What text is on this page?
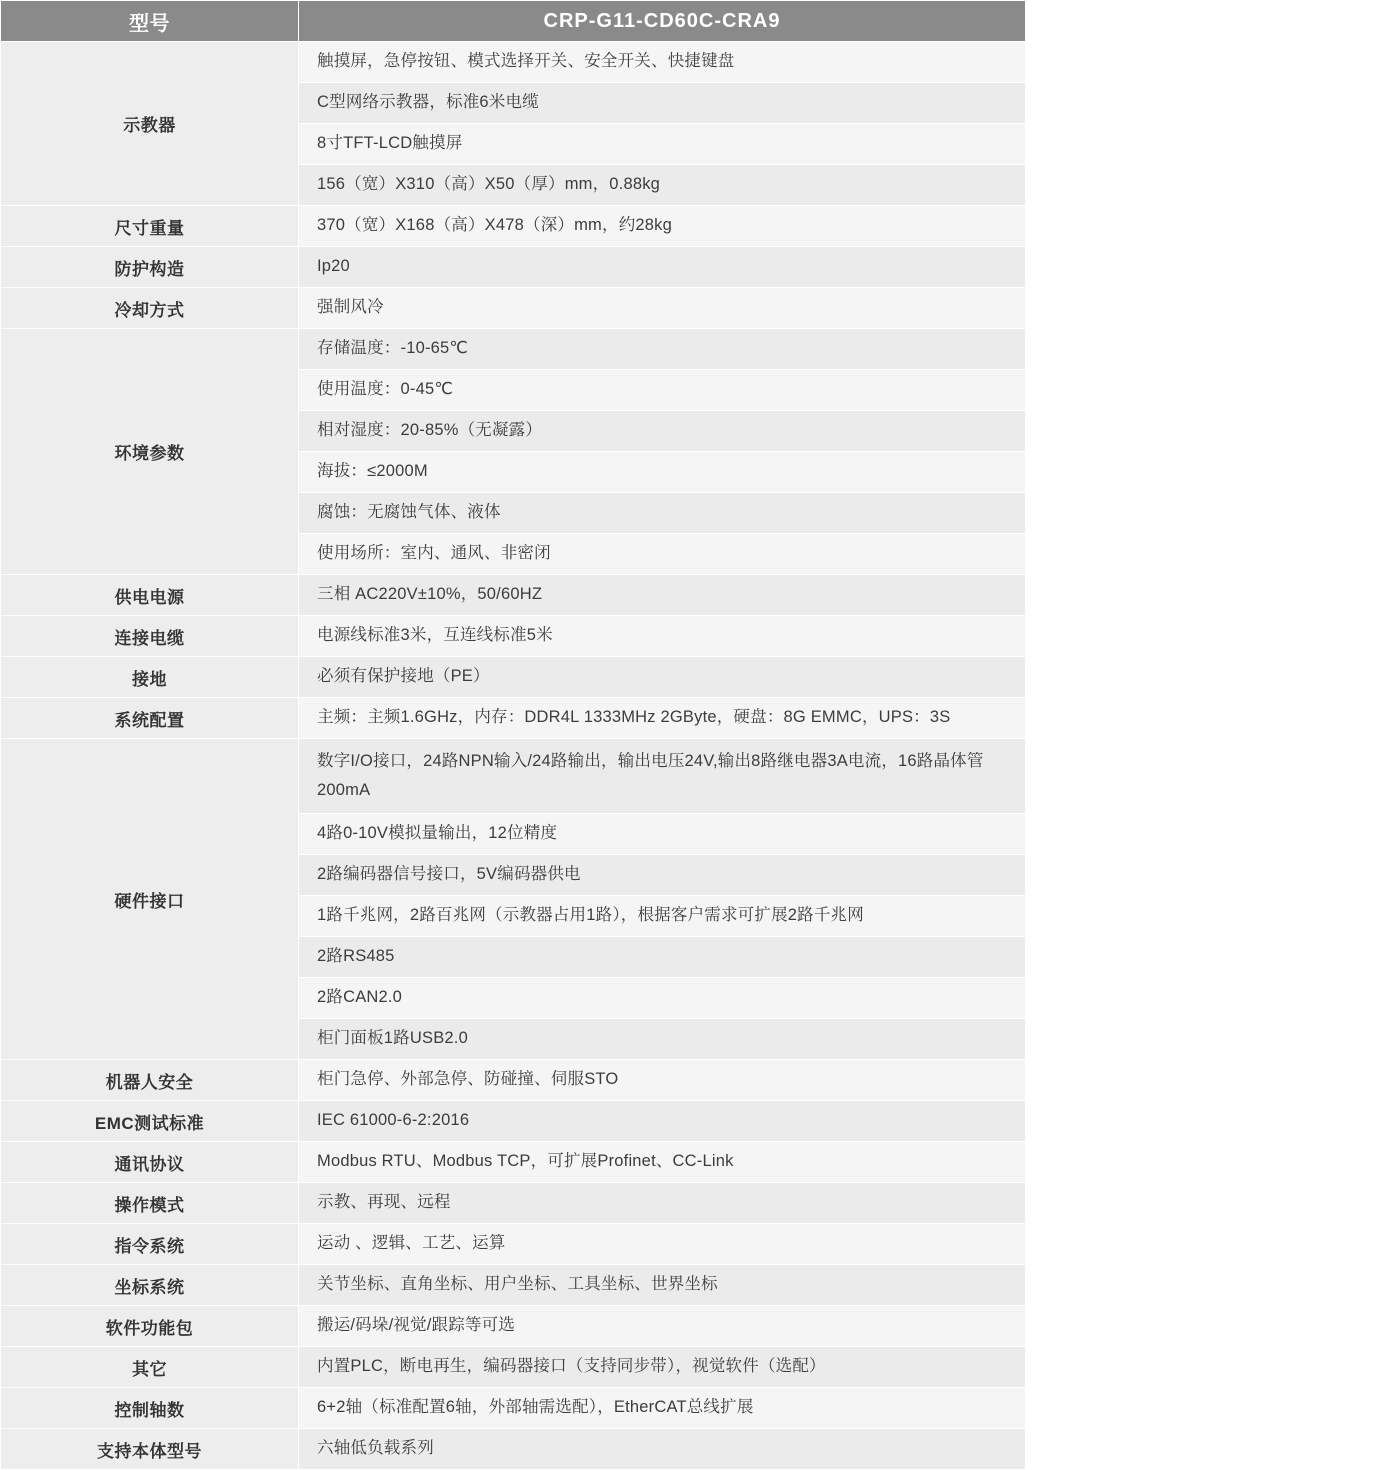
型号	CRP-G11-CD60C-CRA9
示教器	触摸屏，急停按钮、模式选择开关、安全开关、快捷键盘
	C型网络示教器，标准6米电缆
	8寸TFT-LCD触摸屏
	156（宽）X310（高）X50（厚）mm，0.88kg
尺寸重量	370（宽）X168（高）X478（深）mm，约28kg
防护构造	Ip20
冷却方式	强制风冷
环境参数	存储温度：-10-65℃
	使用温度：0-45℃
	相对湿度：20-85%（无凝露）
	海拔：≤2000M
	腐蚀：无腐蚀气体、液体
	使用场所：室内、通风、非密闭
供电电源	三相 AC220V±10%，50/60HZ
连接电缆	电源线标准3米，互连线标准5米
接地	必须有保护接地（PE）
系统配置	主频：主频1.6GHz，内存：DDR4L 1333MHz 2GByte，硬盘：8G EMMC，UPS：3S
硬件接口	数字I/O接口，24路NPN输入/24路输出，输出电压24V,输出8路继电器3A电流，16路晶体管200mA
	4路0-10V模拟量输出，12位精度
	2路编码器信号接口，5V编码器供电
	1路千兆网，2路百兆网（示教器占用1路），根据客户需求可扩展2路千兆网
	2路RS485
	2路CAN2.0
	柜门面板1路USB2.0
机器人安全	柜门急停、外部急停、防碰撞、伺服STO
EMC测试标准	IEC 61000-6-2:2016
通讯协议	Modbus RTU、Modbus TCP，可扩展Profinet、CC-Link
操作模式	示教、再现、远程
指令系统	运动 、逻辑、工艺、运算
坐标系统	关节坐标、直角坐标、用户坐标、工具坐标、世界坐标
软件功能包	搬运/码垛/视觉/跟踪等可选
其它	内置PLC，断电再生，编码器接口（支持同步带），视觉软件（选配）
控制轴数	6+2轴（标准配置6轴，外部轴需选配），EtherCAT总线扩展
支持本体型号	六轴低负载系列
